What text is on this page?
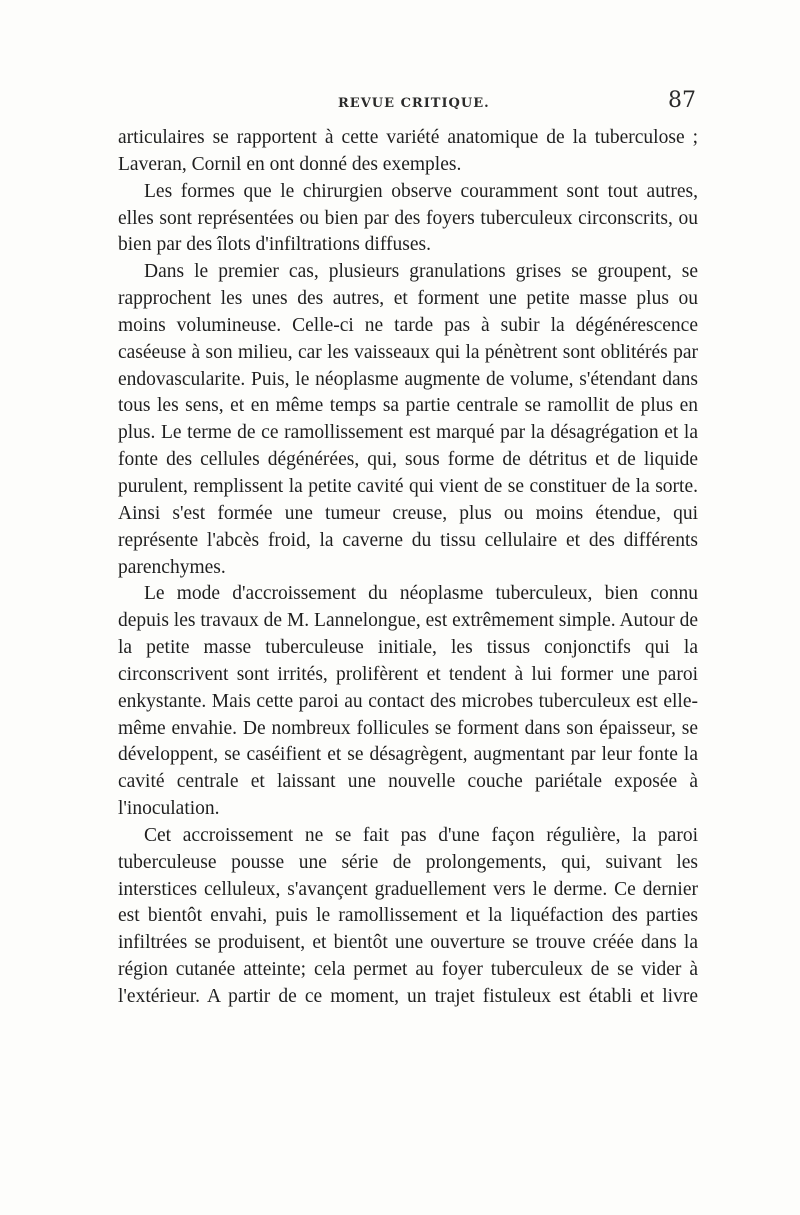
REVUE CRITIQUE.	87

articulaires se rapportent à cette variété anatomique de la tuberculose ; Laveran, Cornil en ont donné des exemples.

Les formes que le chirurgien observe couramment sont tout autres, elles sont représentées ou bien par des foyers tuberculeux circonscrits, ou bien par des îlots d'infiltrations diffuses.

Dans le premier cas, plusieurs granulations grises se groupent, se rapprochent les unes des autres, et forment une petite masse plus ou moins volumineuse. Celle-ci ne tarde pas à subir la dégénérescence caséeuse à son milieu, car les vaisseaux qui la pénètrent sont oblitérés par endovascularite. Puis, le néoplasme augmente de volume, s'étendant dans tous les sens, et en même temps sa partie centrale se ramollit de plus en plus. Le terme de ce ramollissement est marqué par la désagrégation et la fonte des cellules dégénérées, qui, sous forme de détritus et de liquide purulent, remplissent la petite cavité qui vient de se constituer de la sorte. Ainsi s'est formée une tumeur creuse, plus ou moins étendue, qui représente l'abcès froid, la caverne du tissu cellulaire et des différents parenchymes.

Le mode d'accroissement du néoplasme tuberculeux, bien connu depuis les travaux de M. Lannelongue, est extrêmement simple. Autour de la petite masse tuberculeuse initiale, les tissus conjonctifs qui la circonscrivent sont irrités, prolifèrent et tendent à lui former une paroi enkystante. Mais cette paroi au contact des microbes tuberculeux est elle-même envahie. De nombreux follicules se forment dans son épaisseur, se développent, se caséifient et se désagrègent, augmentant par leur fonte la cavité centrale et laissant une nouvelle couche pariétale exposée à l'inoculation.

Cet accroissement ne se fait pas d'une façon régulière, la paroi tuberculeuse pousse une série de prolongements, qui, suivant les interstices celluleux, s'avançent graduellement vers le derme. Ce dernier est bientôt envahi, puis le ramollissement et la liquéfaction des parties infiltrées se produisent, et bientôt une ouverture se trouve créée dans la région cutanée atteinte; cela permet au foyer tuberculeux de se vider à l'extérieur. A partir de ce moment, un trajet fistuleux est établi et livre
